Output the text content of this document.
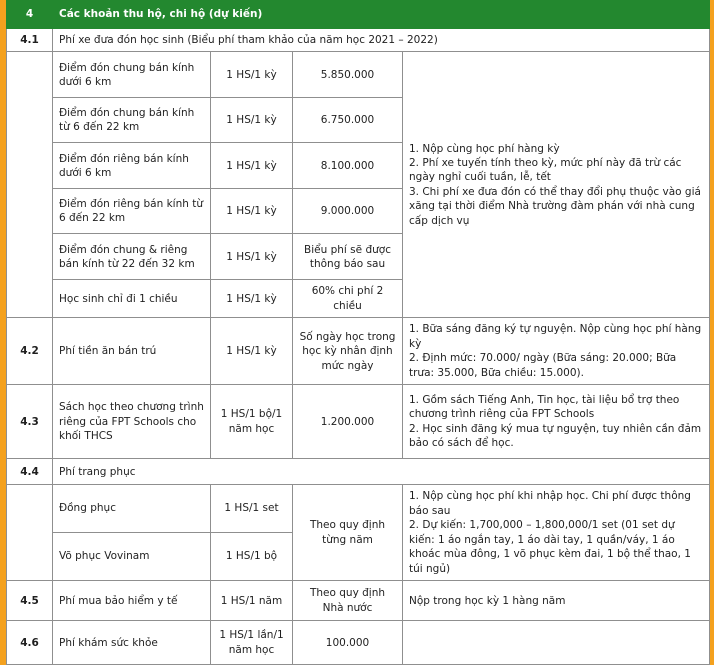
4	Các khoản thu hộ, chi hộ (dự kiến)			
4.1	Phí xe đưa đón học sinh (Biểu phí tham khảo của năm học 2021 – 2022)			
	Điểm đón chung bán kính dưới 6 km	1 HS/1 kỳ	5.850.000	1. Nộp cùng học phí hàng kỳ
2. Phí xe tuyến tính theo kỳ, mức phí này đã trừ các ngày nghỉ cuối tuần, lễ, tết
3. Chi phí xe đưa đón có thể thay đổi phụ thuộc vào giá xăng tại thời điểm Nhà trường đàm phán với nhà cung cấp dịch vụ

	Điểm đón chung bán kính từ 6 đến 22 km	1 HS/1 kỳ	6.750.000	
	Điểm đón riêng bán kính dưới 6 km	1 HS/1 kỳ	8.100.000	
	Điểm đón riêng bán kính từ 6 đến 22 km	1 HS/1 kỳ	9.000.000	
	Điểm đón chung & riêng bán kính từ 22 đến 32 km	1 HS/1 kỳ	Biểu phí sẽ được thông báo sau	
	Học sinh chỉ đi 1 chiều	1 HS/1 kỳ	60% chi phí 2 chiều	
4.2	Phí tiền ăn bán trú	1 HS/1 kỳ	Số ngày học trong học kỳ nhân định mức ngày	1. Bữa sáng đăng ký tự nguyện. Nộp cùng học phí hàng kỳ
2. Định mức: 70.000/ ngày (Bữa sáng: 20.000; Bữa trưa: 35.000, Bữa chiều: 15.000).

4.3	Sách học theo chương trình riêng của FPT Schools cho khối THCS	1 HS/1 bộ/1 năm học	1.200.000	1. Gồm sách Tiếng Anh, Tin học, tài liệu bổ trợ theo chương trình riêng của FPT Schools
2. Học sinh đăng ký mua tự nguyện, tuy nhiên cần đảm bảo có sách để học.

4.4	Phí trang phục			
	Đồng phục	1 HS/1 set	Theo quy định từng năm	1. Nộp cùng học phí khi nhập học. Chi phí được thông báo sau
2. Dự kiến: 1,700,000 – 1,800,000/1 set (01 set dự kiến: 1 áo ngắn tay, 1 áo dài tay, 1 quần/váy, 1 áo khoác mùa đông, 1 võ phục kèm đai, 1 bộ thể thao, 1 túi ngủ)

	Võ phục Vovinam	1 HS/1 bộ		
4.5	Phí mua bảo hiểm y tế	1 HS/1 năm	Theo quy định Nhà nước	Nộp trong học kỳ 1 hàng năm
4.6	Phí khám sức khỏe	1 HS/1 lần/1 năm học	100.000	
